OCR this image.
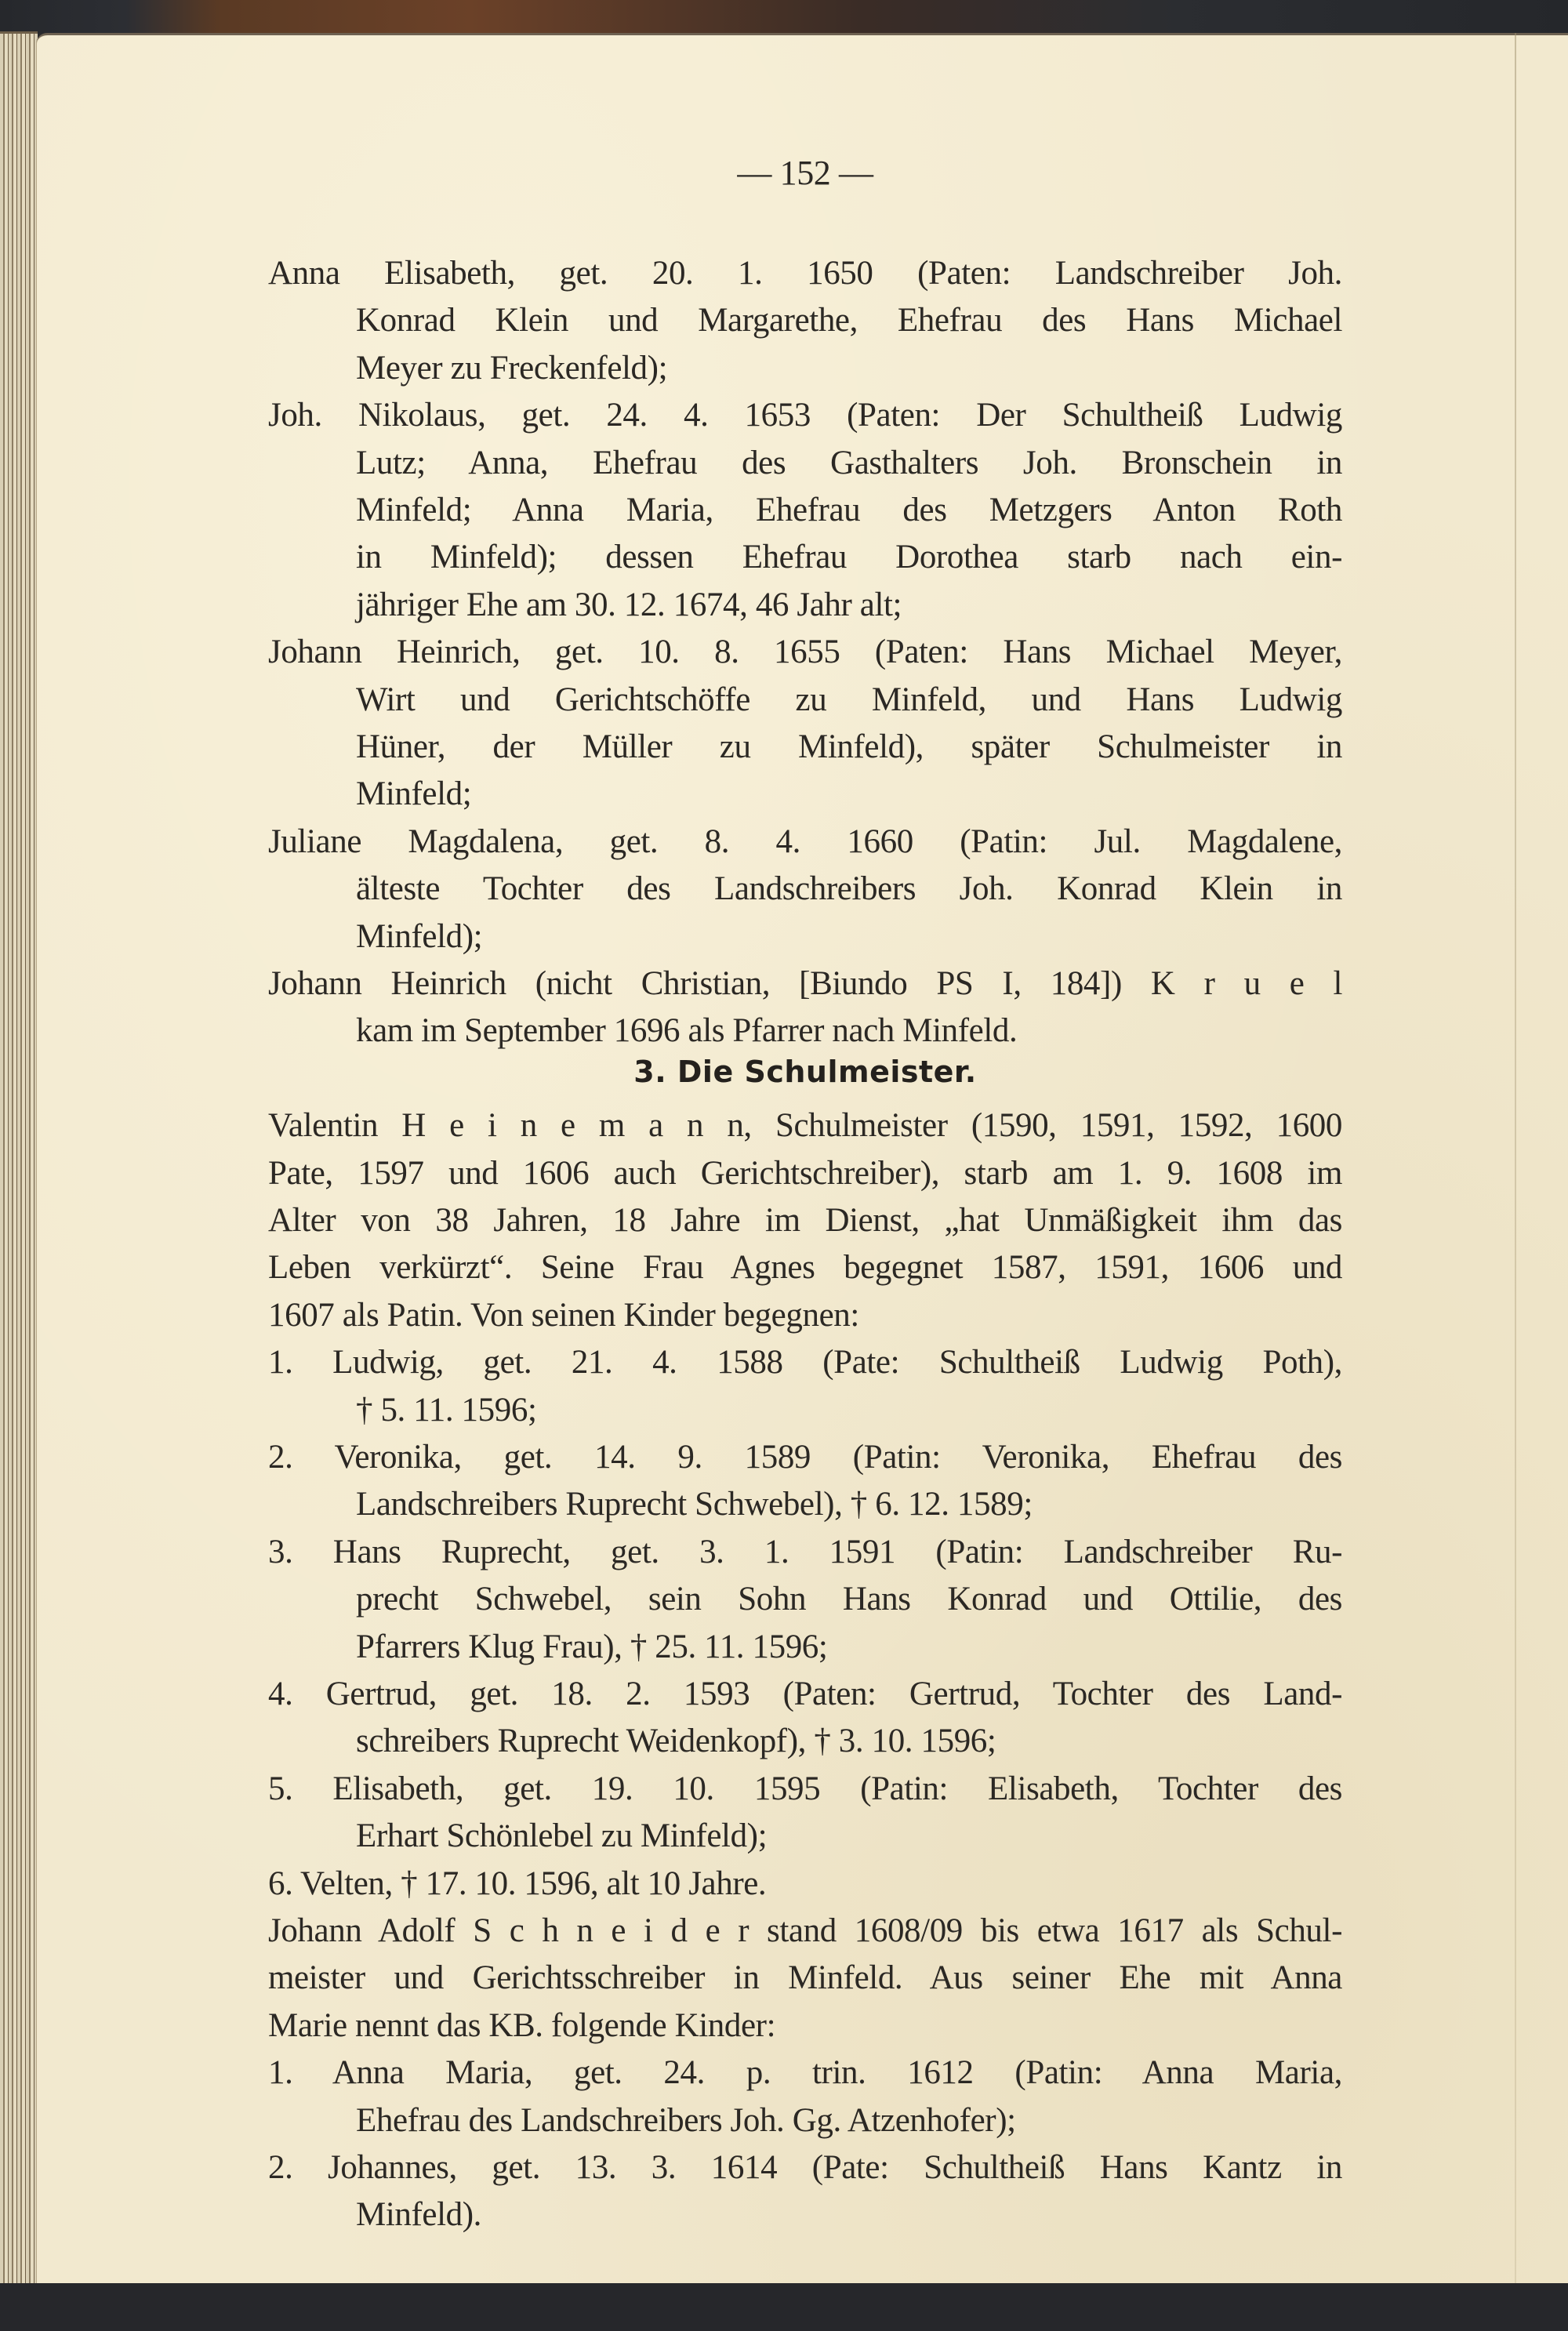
— 152 —
Anna Elisabeth, get. 20. 1. 1650 (Paten: Landschreiber Joh.
Konrad Klein und Margarethe, Ehefrau des Hans Michael
Meyer zu Freckenfeld);
Joh. Nikolaus, get. 24. 4. 1653 (Paten: Der Schultheiß Ludwig
Lutz; Anna, Ehefrau des Gasthalters Joh. Bronschein in
Minfeld; Anna Maria, Ehefrau des Metzgers Anton Roth
in Minfeld); dessen Ehefrau Dorothea starb nach ein-
jähriger Ehe am 30. 12. 1674, 46 Jahr alt;
Johann Heinrich, get. 10. 8. 1655 (Paten: Hans Michael Meyer,
Wirt und Gerichtschöffe zu Minfeld, und Hans Ludwig
Hüner, der Müller zu Minfeld), später Schulmeister in
Minfeld;
Juliane Magdalena, get. 8. 4. 1660 (Patin: Jul. Magdalene,
älteste Tochter des Landschreibers Joh. Konrad Klein in
Minfeld);
Johann Heinrich (nicht Christian, [Biundo PS I, 184]) K r u e l
kam im September 1696 als Pfarrer nach Minfeld.
3. Die Schulmeister.
Valentin H e i n e m a n n, Schulmeister (1590, 1591, 1592, 1600
Pate, 1597 und 1606 auch Gerichtschreiber), starb am 1. 9. 1608 im
Alter von 38 Jahren, 18 Jahre im Dienst, „hat Unmäßigkeit ihm das
Leben verkürzt“. Seine Frau Agnes begegnet 1587, 1591, 1606 und
1607 als Patin. Von seinen Kinder begegnen:
1. Ludwig, get. 21. 4. 1588 (Pate: Schultheiß Ludwig Poth),
† 5. 11. 1596;
2. Veronika, get. 14. 9. 1589 (Patin: Veronika, Ehefrau des
Landschreibers Ruprecht Schwebel), † 6. 12. 1589;
3. Hans Ruprecht, get. 3. 1. 1591 (Patin: Landschreiber Ru-
precht Schwebel, sein Sohn Hans Konrad und Ottilie, des
Pfarrers Klug Frau), † 25. 11. 1596;
4. Gertrud, get. 18. 2. 1593 (Paten: Gertrud, Tochter des Land-
schreibers Ruprecht Weidenkopf), † 3. 10. 1596;
5. Elisabeth, get. 19. 10. 1595 (Patin: Elisabeth, Tochter des
Erhart Schönlebel zu Minfeld);
6. Velten, † 17. 10. 1596, alt 10 Jahre.
Johann Adolf S c h n e i d e r stand 1608/09 bis etwa 1617 als Schul-
meister und Gerichtsschreiber in Minfeld. Aus seiner Ehe mit Anna
Marie nennt das KB. folgende Kinder:
1. Anna Maria, get. 24. p. trin. 1612 (Patin: Anna Maria,
Ehefrau des Landschreibers Joh. Gg. Atzenhofer);
2. Johannes, get. 13. 3. 1614 (Pate: Schultheiß Hans Kantz in
Minfeld).
